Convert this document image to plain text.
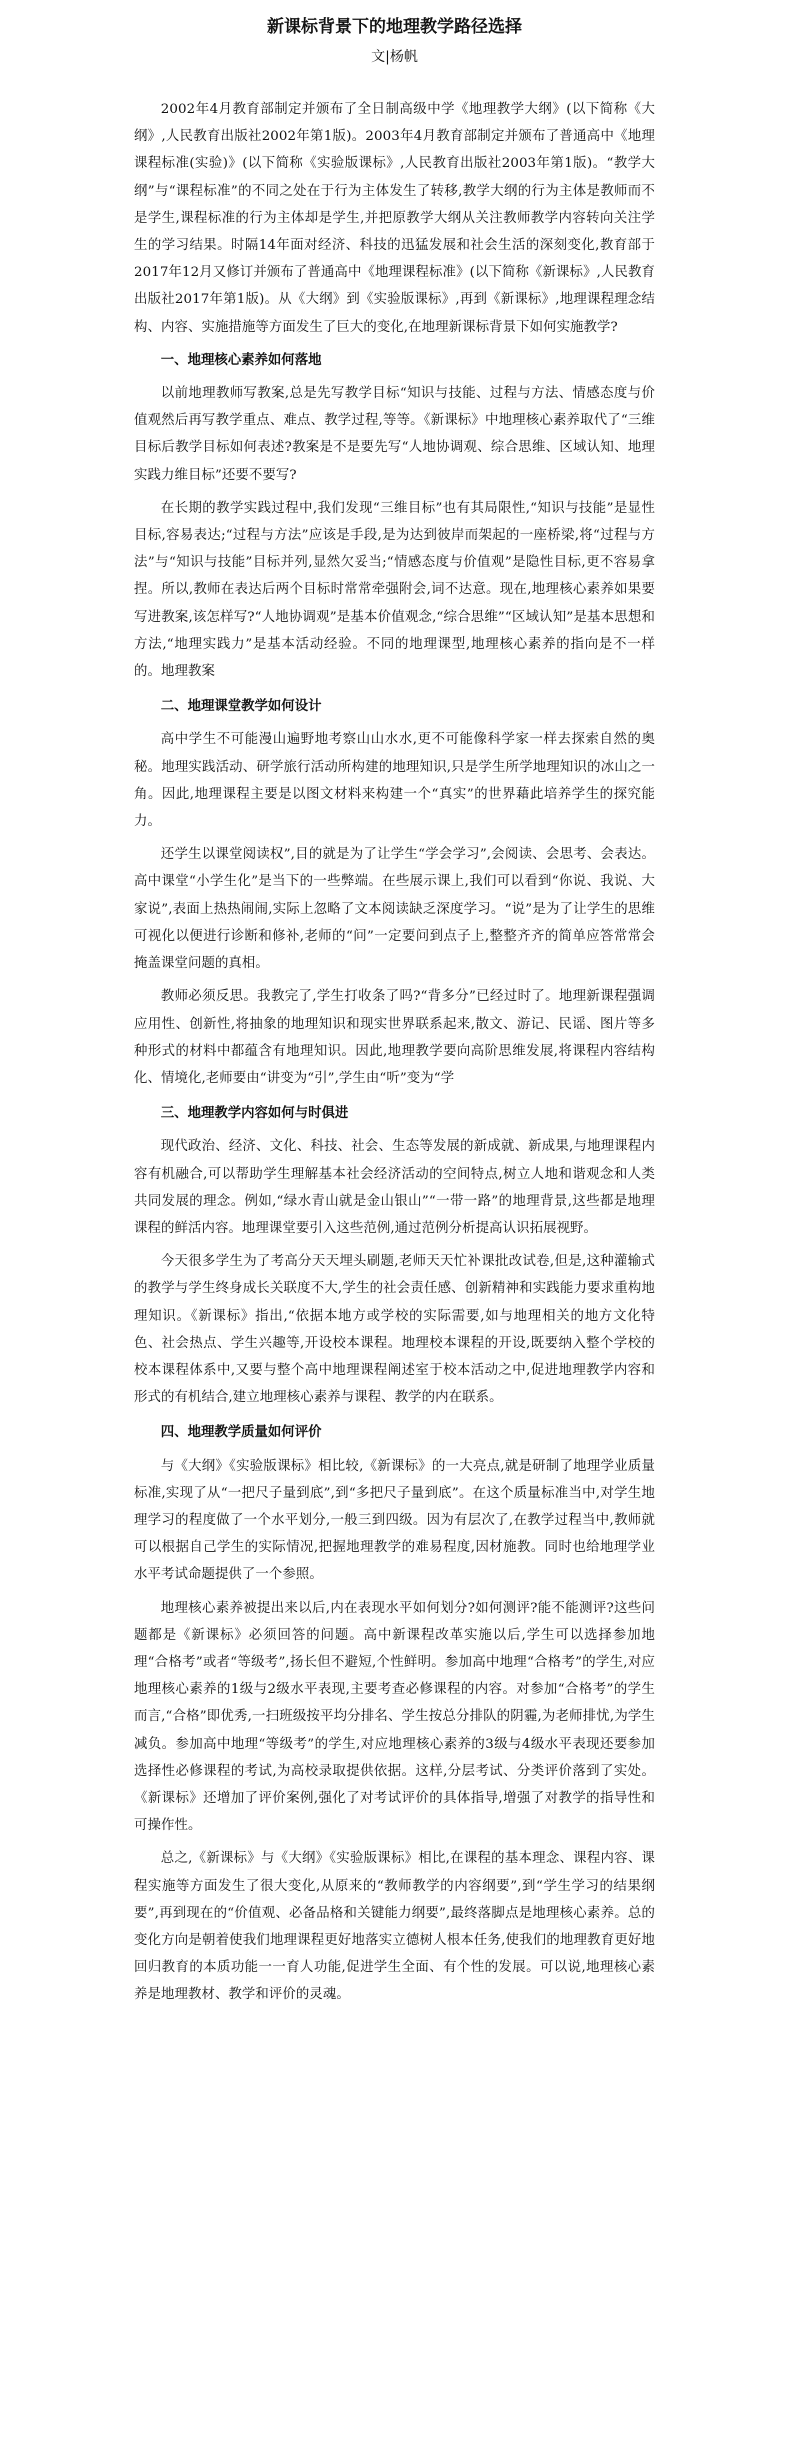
新课标背景下的地理教学路径选择
文|杨帆

2002年4月教育部制定并颁布了全日制高级中学《地理教学大纲》(以下简称《大纲》,人民教育出版社2002年第1版)。2003年4月教育部制定并颁布了普通高中《地理课程标准(实验)》(以下简称《实验版课标》,人民教育出版社2003年第1版)。“教学大纲”与“课程标准”的不同之处在于行为主体发生了转移,教学大纲的行为主体是教师而不是学生,课程标准的行为主体却是学生,并把原教学大纲从关注教师教学内容转向关注学生的学习结果。时隔14年面对经济、科技的迅猛发展和社会生活的深刻变化,教育部于2017年12月又修订并颁布了普通高中《地理课程标准》(以下简称《新课标》,人民教育出版社2017年第1版)。从《大纲》到《实验版课标》,再到《新课标》,地理课程理念结构、内容、实施措施等方面发生了巨大的变化,在地理新课标背景下如何实施教学?

一、地理核心素养如何落地

以前地理教师写教案,总是先写教学目标“知识与技能、过程与方法、情感态度与价值观然后再写教学重点、难点、教学过程,等等。《新课标》中地理核心素养取代了“三维目标后教学目标如何表述?教案是不是要先写“人地协调观、综合思维、区域认知、地理实践力维目标”还要不要写?

在长期的教学实践过程中,我们发现“三维目标”也有其局限性,“知识与技能”是显性目标,容易表达;“过程与方法”应该是手段,是为达到彼岸而架起的一座桥梁,将“过程与方法”与“知识与技能”目标并列,显然欠妥当;“情感态度与价值观”是隐性目标,更不容易拿捏。所以,教师在表达后两个目标时常常牵强附会,词不达意。现在,地理核心素养如果要写进教案,该怎样写?“人地协调观”是基本价值观念,“综合思维”“区域认知”是基本思想和方法,“地理实践力”是基本活动经验。不同的地理课型,地理核心素养的指向是不一样的。地理教案

二、地理课堂教学如何设计

高中学生不可能漫山遍野地考察山山水水,更不可能像科学家一样去探索自然的奥秘。地理实践活动、研学旅行活动所构建的地理知识,只是学生所学地理知识的冰山之一角。因此,地理课程主要是以图文材料来构建一个“真实”的世界藉此培养学生的探究能力。

还学生以课堂阅读权”,目的就是为了让学生“学会学习”,会阅读、会思考、会表达。高中课堂“小学生化”是当下的一些弊端。在些展示课上,我们可以看到“你说、我说、大家说”,表面上热热闹闹,实际上忽略了文本阅读缺乏深度学习。“说”是为了让学生的思维可视化以便进行诊断和修补,老师的“问”一定要问到点子上,整整齐齐的简单应答常常会掩盖课堂问题的真相。

教师必须反思。我教完了,学生打收条了吗?“背多分”已经过时了。地理新课程强调应用性、创新性,将抽象的地理知识和现实世界联系起来,散文、游记、民谣、图片等多种形式的材料中都蕴含有地理知识。因此,地理教学要向高阶思维发展,将课程内容结构化、情境化,老师要由“讲变为“引”,学生由“听”变为“学

三、地理教学内容如何与时俱进

现代政治、经济、文化、科技、社会、生态等发展的新成就、新成果,与地理课程内容有机融合,可以帮助学生理解基本社会经济活动的空间特点,树立人地和谐观念和人类共同发展的理念。例如,“绿水青山就是金山银山”“一带一路”的地理背景,这些都是地理课程的鲜活内容。地理课堂要引入这些范例,通过范例分析提高认识拓展视野。

今天很多学生为了考高分天天埋头刷题,老师天天忙补课批改试卷,但是,这种灌输式的教学与学生终身成长关联度不大,学生的社会责任感、创新精神和实践能力要求重构地理知识。《新课标》指出,“依据本地方或学校的实际需要,如与地理相关的地方文化特色、社会热点、学生兴趣等,开设校本课程。地理校本课程的开设,既要纳入整个学校的校本课程体系中,又要与整个高中地理课程阐述室于校本活动之中,促进地理教学内容和形式的有机结合,建立地理核心素养与课程、教学的内在联系。

四、地理教学质量如何评价

与《大纲》《实验版课标》相比较,《新课标》的一大亮点,就是研制了地理学业质量标准,实现了从“一把尺子量到底”,到“多把尺子量到底”。在这个质量标准当中,对学生地理学习的程度做了一个水平划分,一般三到四级。因为有层次了,在教学过程当中,教师就可以根据自己学生的实际情况,把握地理教学的难易程度,因材施教。同时也给地理学业水平考试命题提供了一个参照。

地理核心素养被提出来以后,内在表现水平如何划分?如何测评?能不能测评?这些问题都是《新课标》必须回答的问题。高中新课程改革实施以后,学生可以选择参加地理“合格考”或者“等级考”,扬长但不避短,个性鲜明。参加高中地理“合格考”的学生,对应地理核心素养的1级与2级水平表现,主要考查必修课程的内容。对参加“合格考”的学生而言,“合格”即优秀,一扫班级按平均分排名、学生按总分排队的阴霾,为老师排忧,为学生减负。参加高中地理“等级考”的学生,对应地理核心素养的3级与4级水平表现还要参加选择性必修课程的考试,为高校录取提供依据。这样,分层考试、分类评价落到了实处。《新课标》还增加了评价案例,强化了对考试评价的具体指导,增强了对教学的指导性和可操作性。

总之,《新课标》与《大纲》《实验版课标》相比,在课程的基本理念、课程内容、课程实施等方面发生了很大变化,从原来的“教师教学的内容纲要”,到“学生学习的结果纲要”,再到现在的“价值观、必备品格和关键能力纲要”,最终落脚点是地理核心素养。总的变化方向是朝着使我们地理课程更好地落实立德树人根本任务,使我们的地理教育更好地回归教育的本质功能一一育人功能,促进学生全面、有个性的发展。可以说,地理核心素养是地理教材、教学和评价的灵魂。
